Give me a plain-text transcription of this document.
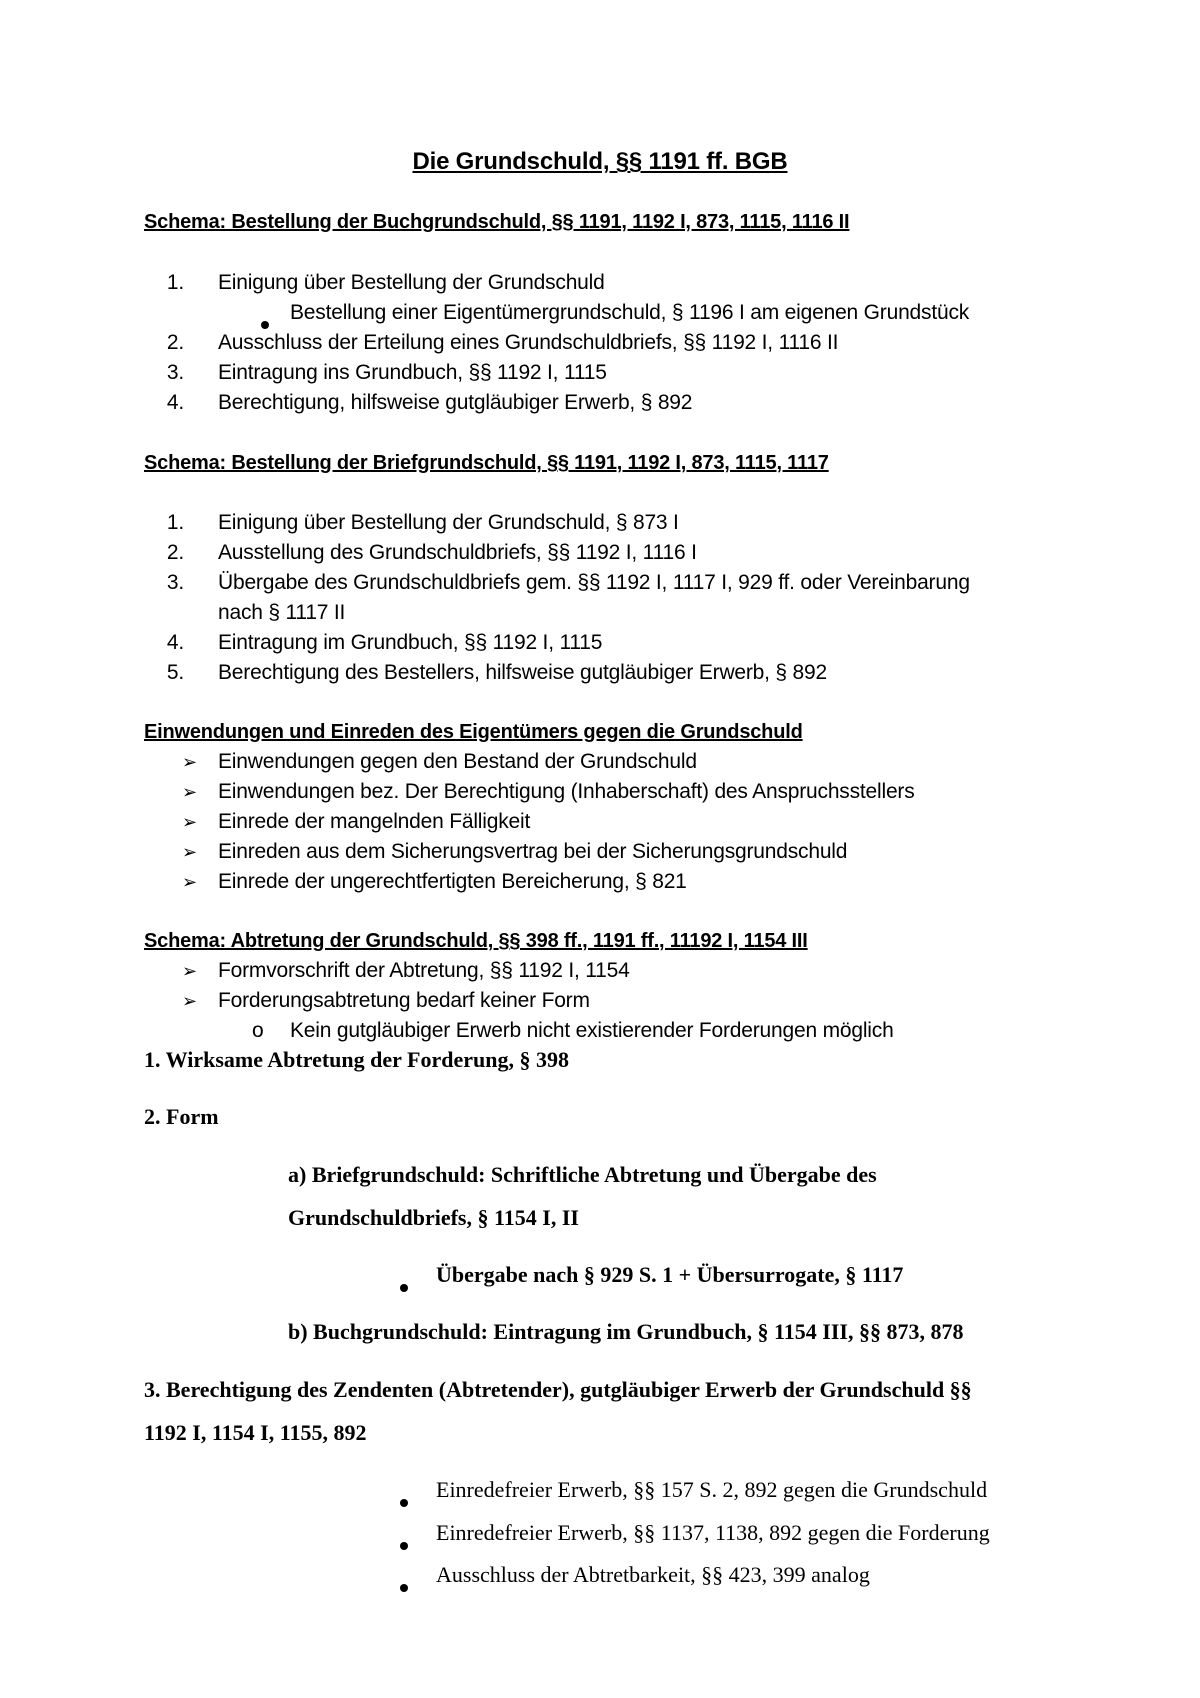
Die Grundschuld, §§ 1191 ff. BGB
Schema: Bestellung der Buchgrundschuld, §§ 1191, 1192 I, 873, 1115, 1116 II
1. Einigung über Bestellung der Grundschuld
Bestellung einer Eigentümergrundschuld, § 1196 I am eigenen Grundstück
2. Ausschluss der Erteilung eines Grundschuldbriefs, §§ 1192 I, 1116 II
3. Eintragung ins Grundbuch, §§ 1192 I, 1115
4. Berechtigung, hilfsweise gutgläubiger Erwerb, § 892
Schema: Bestellung der Briefgrundschuld, §§ 1191, 1192 I, 873, 1115, 1117
1. Einigung über Bestellung der Grundschuld, § 873 I
2. Ausstellung des Grundschuldbriefs, §§ 1192 I, 1116 I
3. Übergabe des Grundschuldbriefs gem. §§ 1192 I, 1117 I, 929 ff. oder Vereinbarung
nach § 1117 II
4. Eintragung im Grundbuch, §§ 1192 I, 1115
5. Berechtigung des Bestellers, hilfsweise gutgläubiger Erwerb, § 892
Einwendungen und Einreden des Eigentümers gegen die Grundschuld
➢ Einwendungen gegen den Bestand der Grundschuld
➢ Einwendungen bez. Der Berechtigung (Inhaberschaft) des Anspruchsstellers
➢ Einrede der mangelnden Fälligkeit
➢ Einreden aus dem Sicherungsvertrag bei der Sicherungsgrundschuld
➢ Einrede der ungerechtfertigten Bereicherung, § 821
Schema: Abtretung der Grundschuld, §§ 398 ff., 1191 ff., 11192 I, 1154 III
➢ Formvorschrift der Abtretung, §§ 1192 I, 1154
➢ Forderungsabtretung bedarf keiner Form
o Kein gutgläubiger Erwerb nicht existierender Forderungen möglich
1. Wirksame Abtretung der Forderung, § 398
2. Form
a) Briefgrundschuld: Schriftliche Abtretung und Übergabe des
Grundschuldbriefs, § 1154 I, II
Übergabe nach § 929 S. 1 + Übersurrogate, § 1117
b) Buchgrundschuld: Eintragung im Grundbuch, § 1154 III, §§ 873, 878
3. Berechtigung des Zendenten (Abtretender), gutgläubiger Erwerb der Grundschuld §§
1192 I, 1154 I, 1155, 892
Einredefreier Erwerb, §§ 157 S. 2, 892 gegen die Grundschuld
Einredefreier Erwerb, §§ 1137, 1138, 892 gegen die Forderung
Ausschluss der Abtretbarkeit, §§ 423, 399 analog
